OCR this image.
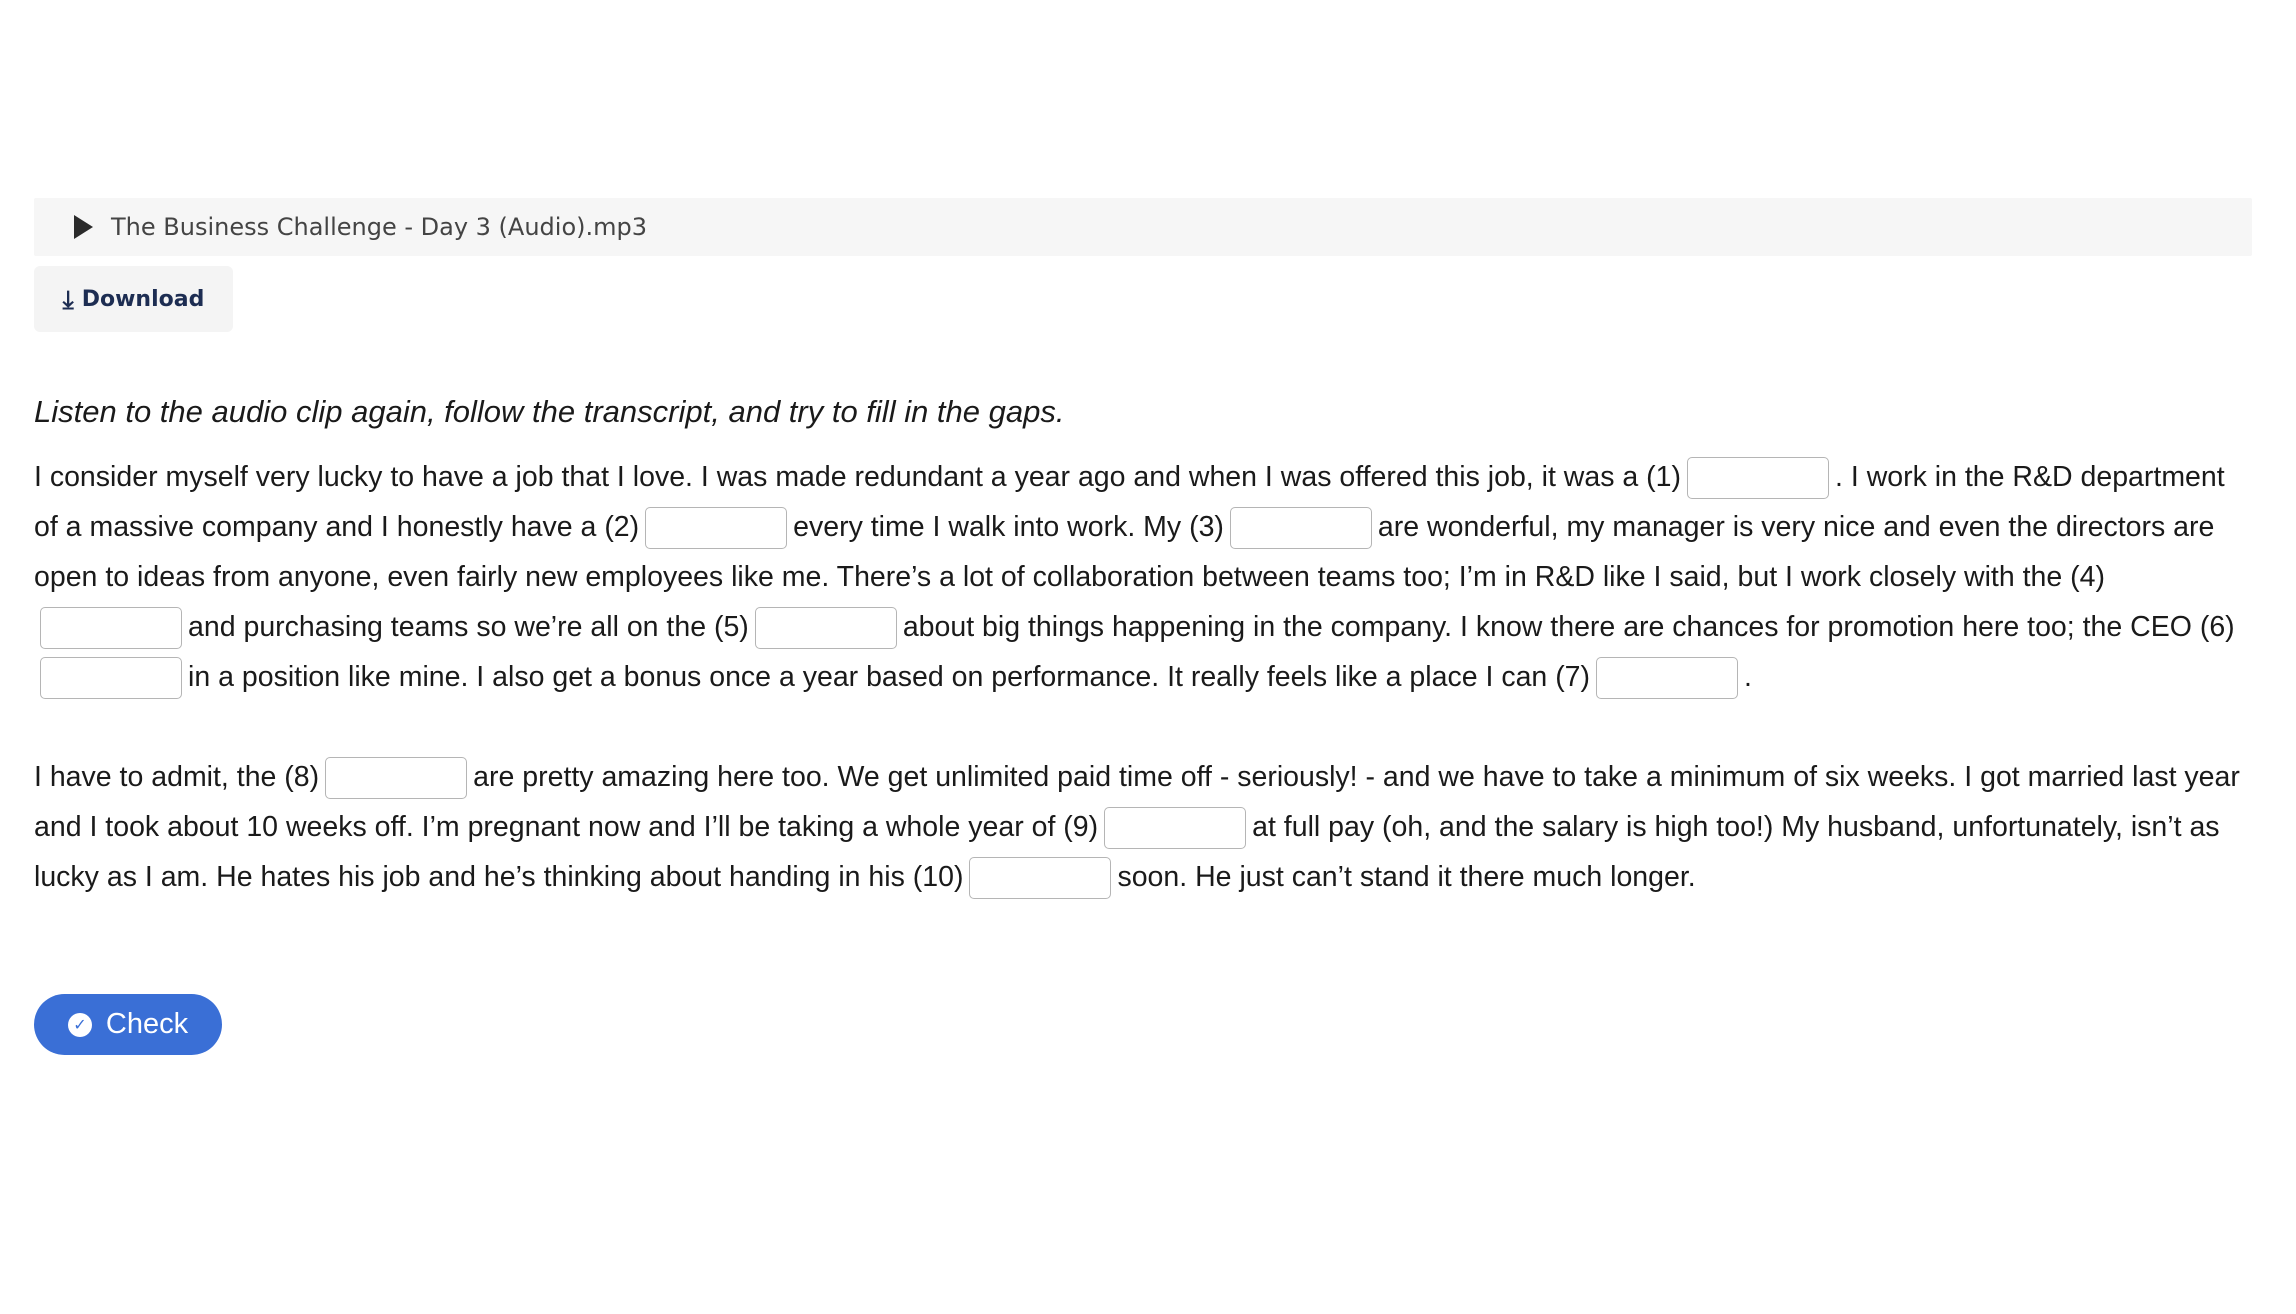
The Business Challenge - Day 3 (Audio).mp3
⤓ Download
Listen to the audio clip again, follow the transcript, and try to fill in the gaps.

I consider myself very lucky to have a job that I love. I was made redundant a year ago and when I was offered this job, it was a (1)	. I work in the R&D department of a massive company and I honestly have a (2)	every time I walk into work. My (3)	are wonderful, my manager is very nice and even the directors are open to ideas from anyone, even fairly new employees like me. There’s a lot of collaboration between teams too; I’m in R&D like I said, but I work closely with the (4)and purchasing teams so we’re all on the (5)	about big things happening in the company. I know there are chances for promotion here too; the CEO (6)in a position like mine. I also get a bonus once a year based on performance. It really feels like a place I can (7)	.

I have to admit, the (8)	are pretty amazing here too. We get unlimited paid time off - seriously! - and we have to take a minimum of six weeks. I got married last year and I took about 10 weeks off. I’m pregnant now and I’ll be taking a whole year of (9)	at full pay (oh, and the salary is high too!) My husband, unfortunately, isn’t as lucky as I am. He hates his job and he’s thinking about handing in his (10)	soon. He just can’t stand it there much longer.

✓ Check
